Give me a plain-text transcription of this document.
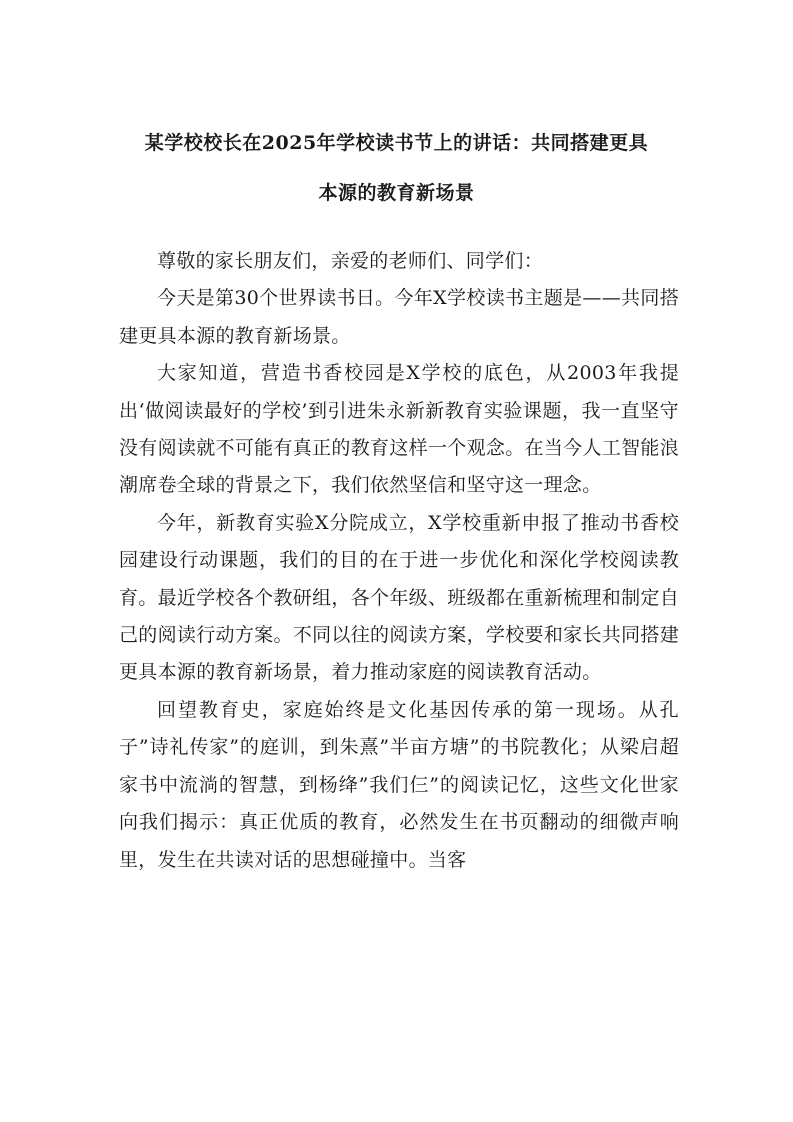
某学校校长在2025年学校读书节上的讲话：共同搭建更具
本源的教育新场景

尊敬的家长朋友们，亲爱的老师们、同学们：

今天是第30个世界读书日。今年X学校读书主题是——共同搭建更具本源的教育新场景。

大家知道，营造书香校园是X学校的底色，从2003年我提出‘做阅读最好的学校’到引进朱永新新教育实验课题，我一直坚守没有阅读就不可能有真正的教育这样一个观念。在当今人工智能浪潮席卷全球的背景之下，我们依然坚信和坚守这一理念。

今年，新教育实验X分院成立，X学校重新申报了推动书香校园建设行动课题，我们的目的在于进一步优化和深化学校阅读教育。最近学校各个教研组，各个年级、班级都在重新梳理和制定自己的阅读行动方案。不同以往的阅读方案，学校要和家长共同搭建更具本源的教育新场景，着力推动家庭的阅读教育活动。

回望教育史，家庭始终是文化基因传承的第一现场。从孔子”诗礼传家”的庭训，到朱熹”半亩方塘”的书院教化；从梁启超家书中流淌的智慧，到杨绛”我们仨”的阅读记忆，这些文化世家向我们揭示：真正优质的教育，必然发生在书页翻动的细微声响里，发生在共读对话的思想碰撞中。当客
